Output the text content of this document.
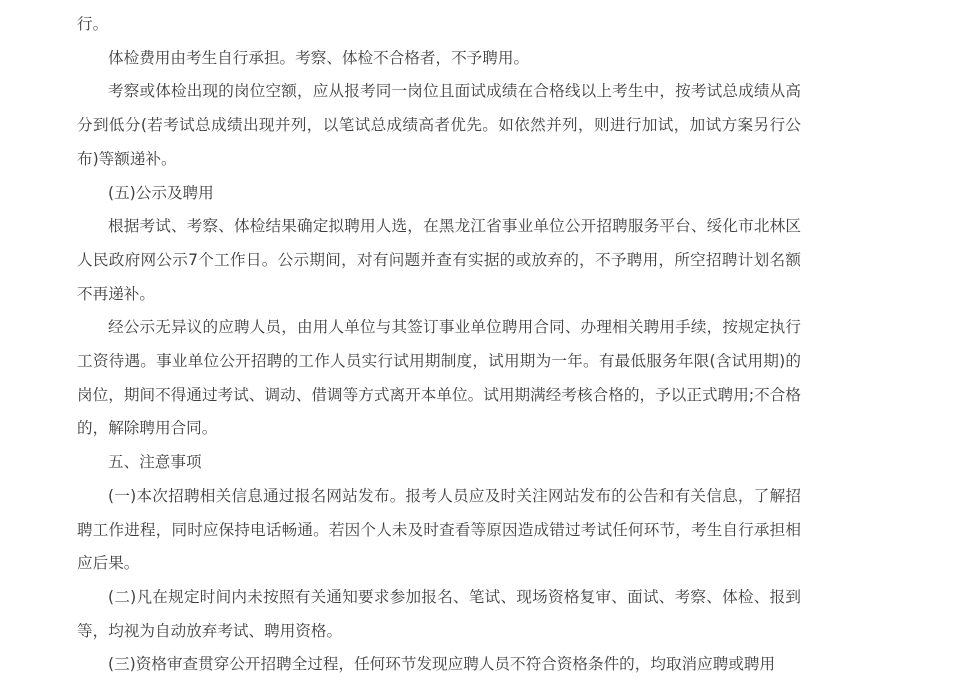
行。

体检费用由考生自行承担。考察、体检不合格者，不予聘用。

考察或体检出现的岗位空额，应从报考同一岗位且面试成绩在合格线以上考生中，按考试总成绩从高分到低分(若考试总成绩出现并列，以笔试总成绩高者优先。如依然并列，则进行加试，加试方案另行公布)等额递补。

(五)公示及聘用

根据考试、考察、体检结果确定拟聘用人选，在黑龙江省事业单位公开招聘服务平台、绥化市北林区人民政府网公示7个工作日。公示期间，对有问题并查有实据的或放弃的，不予聘用，所空招聘计划名额不再递补。

经公示无异议的应聘人员，由用人单位与其签订事业单位聘用合同、办理相关聘用手续，按规定执行工资待遇。事业单位公开招聘的工作人员实行试用期制度，试用期为一年。有最低服务年限(含试用期)的岗位，期间不得通过考试、调动、借调等方式离开本单位。试用期满经考核合格的，予以正式聘用;不合格的，解除聘用合同。

五、注意事项

(一)本次招聘相关信息通过报名网站发布。报考人员应及时关注网站发布的公告和有关信息，了解招聘工作进程，同时应保持电话畅通。若因个人未及时查看等原因造成错过考试任何环节，考生自行承担相应后果。

(二)凡在规定时间内未按照有关通知要求参加报名、笔试、现场资格复审、面试、考察、体检、报到等，均视为自动放弃考试、聘用资格。

(三)资格审查贯穿公开招聘全过程，任何环节发现应聘人员不符合资格条件的，均取消应聘或聘用
